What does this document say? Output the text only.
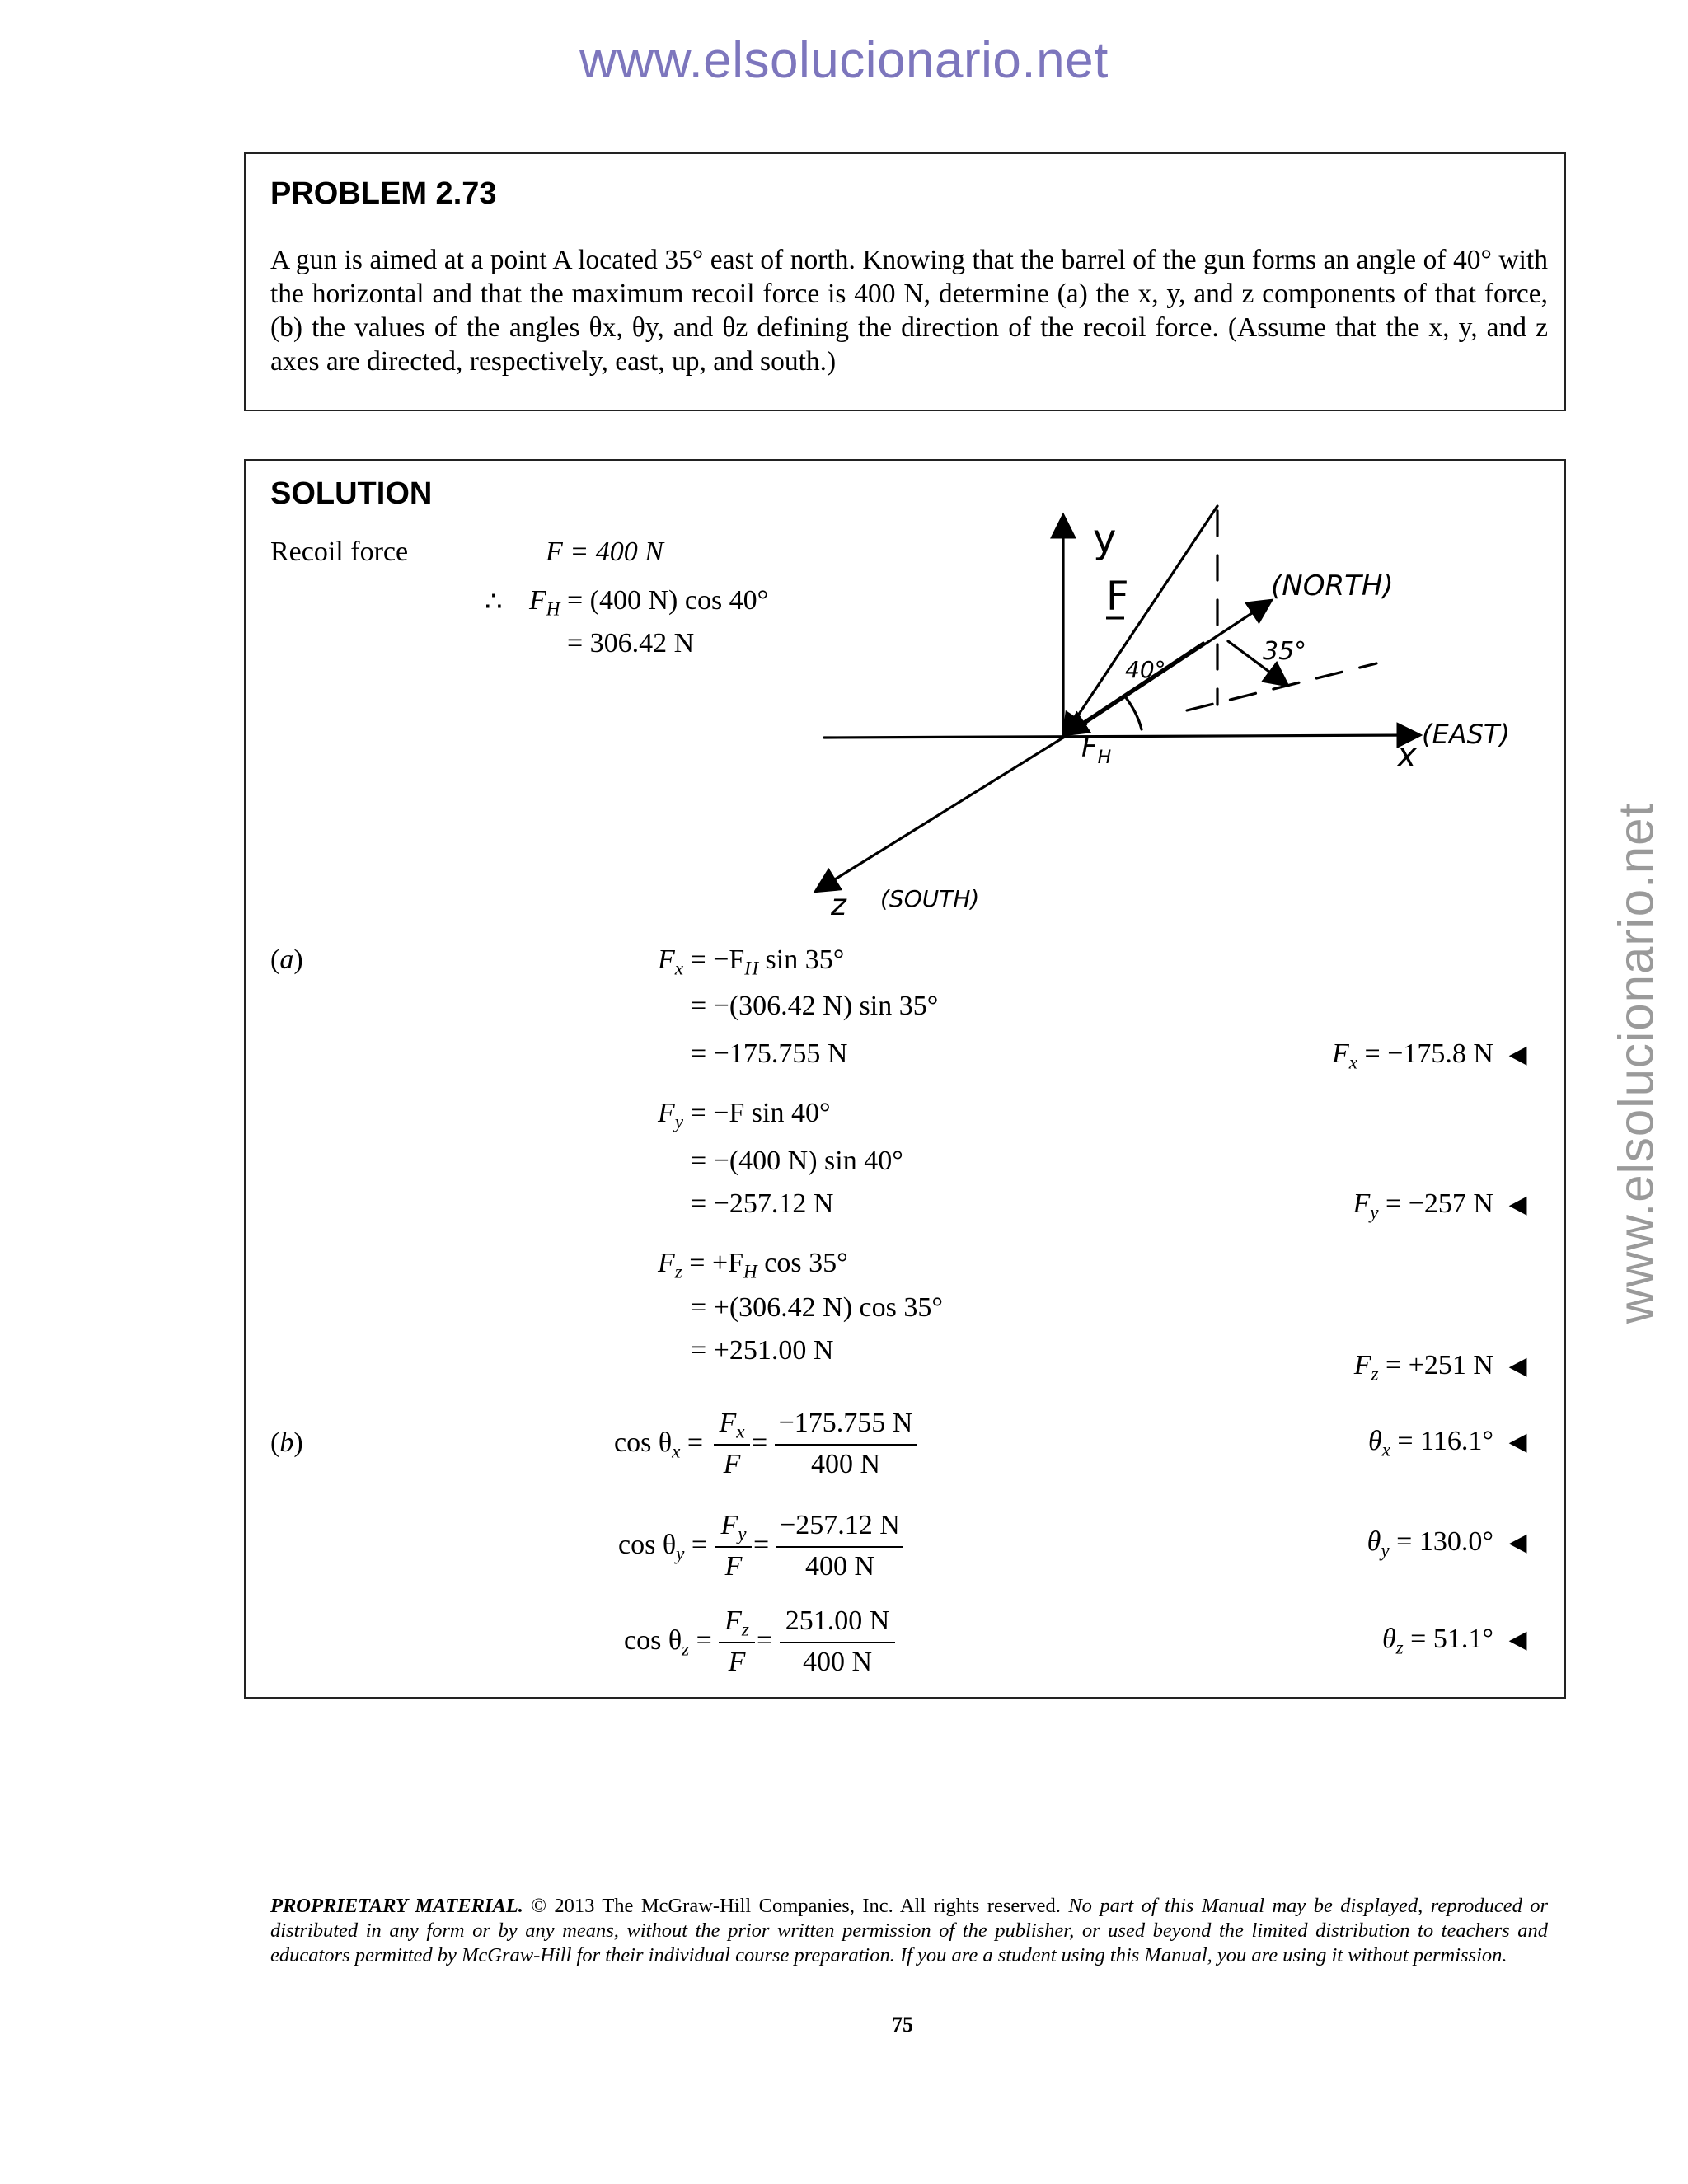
www.elsolucionario.net
www.elsolucionario.net
PROBLEM 2.73
A gun is aimed at a point A located 35° east of north. Knowing that the barrel of the gun forms an angle of 40° with the horizontal and that the maximum recoil force is 400 N, determine (a) the x, y, and z components of that force, (b) the values of the angles θx, θy, and θz defining the direction of the recoil force. (Assume that the x, y, and z axes are directed, respectively, east, up, and south.)
SOLUTION
Recoil force	F = 400 N
∴ $F_H = (400$ N) cos 40°
= 306.42 N
y
F	(NORTH)
(EAST)
x
$F_H$
z (SOUTH)
40°
35°
(a)	$F_x = -F_H$ sin 35°
= −(306.42 N) sin 35°
= −175.755 N	$F_x = -175.8$ N ◀
$F_y = -F$ sin 40°
= −(400 N) sin 40°
= −257.12 N	$F_y = -257$ N ◀
$F_z = +F_H$ cos 35°
= +(306.42 N) cos 35°
= +251.00 N	$F_z = +251$ N ◀
(b)	$\cos \theta_x$ =
$F_x$
F
=
−175.755 N
400 N
$\theta_x = 116.1^\circ$ ◀
$\cos \theta_y$ =
$F_y$
F
=
−257.12 N
400 N
$\theta_y = 130.0^\circ$ ◀
$\cos \theta_z$ =
$F_z$
F
=
251.00 N
400 N
$\theta_z = 51.1^\circ$ ◀
PROPRIETARY MATERIAL. © 2013 The McGraw-Hill Companies, Inc. All rights reserved. No part of this Manual may be displayed, reproduced or distributed in any form or by any means, without the prior written permission of the publisher, or used beyond the limited distribution to teachers and educators permitted by McGraw-Hill for their individual course preparation. If you are a student using this Manual, you are using it without permission.
75
